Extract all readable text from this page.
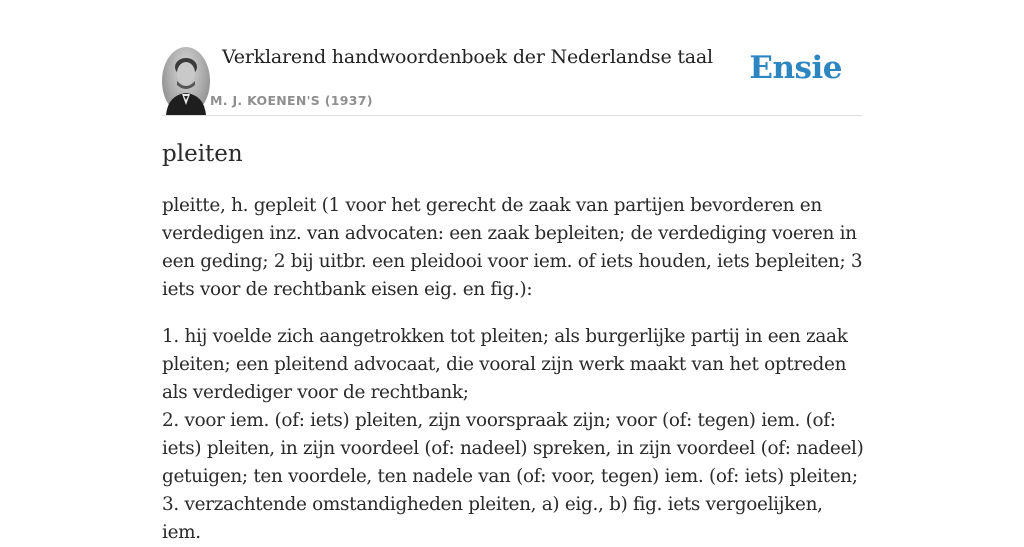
Verklarend handwoordenboek der Nederlandse taal
M. J. KOENEN'S (1937)
Ensie
pleiten

pleitte, h. gepleit (1 voor het gerecht de zaak van partijen bevorderen en verdedigen inz. van advocaten: een zaak bepleiten; de verdediging voeren in een geding; 2 bij uitbr. een pleidooi voor iem. of iets houden, iets bepleiten; 3 iets voor de rechtbank eisen eig. en fig.):

1. hij voelde zich aangetrokken tot pleiten; als burgerlijke partij in een zaak pleiten; een pleitend advocaat, die vooral zijn werk maakt van het optreden als verdediger voor de rechtbank;

2. voor iem. (of: iets) pleiten, zijn voorspraak zijn; voor (of: tegen) iem. (of: iets) pleiten, in zijn voordeel (of: nadeel) spreken, in zijn voordeel (of: nadeel) getuigen; ten voordele, ten nadele van (of: voor, tegen) iem. (of: iets) pleiten;

3. verzachtende omstandigheden pleiten, a) eig., b) fig. iets vergoelijken, iem.
